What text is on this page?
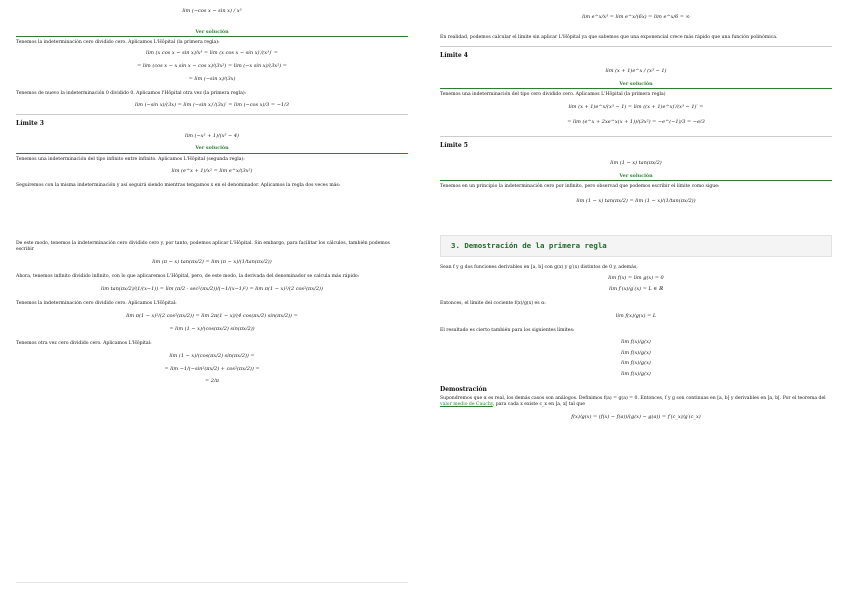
lim (−cos x − sin x) / x³
Ver solución
Tenemos la indeterminación cero dividido cero. Aplicamos L'Hôpital (la primera regla):
lim (x cos x − sin x)/x³ = lim (x cos x − sin x)′/(x³)′ =
= lim (cos x − x sin x − cos x)/(3x²) = lim (−x sin x)/(3x²) =
= lim (−sin x)/(3x)
Tenemos de nuevo la indeterminación 0 dividido 0. Aplicamos l'Hôpital otra vez (la primera regla):
lim (−sin x)/(3x) = lim (−sin x)′/(3x)′ = lim (−cos x)/3 = −1/3
Límite 3
lim (−x² + 1)/(x³ − 4)
Ver solución
Tenemos una indeterminación del tipo infinito entre infinito. Aplicamos L'Hôpital (segunda regla):
lim (e^x + 1)/x² = lim e^x/(3x²)
Seguiremos con la misma indeterminación y así seguirá siendo mientras tengamos x en el denominador. Aplicamos la regla dos veces más:
De este modo, tenemos la indeterminación cero dividido cero y, por tanto, podemos aplicar L'Hôpital. Sin embargo, para facilitar los cálculos, también podemos escribir
lim (π − x) tan(πx/2) = lim (π − x)/(1/tan(πx/2))
Ahora, tenemos infinito dividido infinito, con lo que aplicaremos L'Hôpital, pero, de este modo, la derivada del denominador se calcula más rápido:
lim tan(πx/2)/(1/(x−1)) = lim (π/2 · sec²(πx/2))/(−1/(x−1)²) = lim π(1 − x)²/(2 cos²(πx/2))
Tenemos la indeterminación cero dividido cero. Aplicamos L'Hôpital:
lim π(1 − x)²/(2 cos²(πx/2)) = lim 2π(1 − x)/(4 cos(πx/2) sin(πx/2)) =
= lim (1 − x)/(cos(πx/2) sin(πx/2))
Tenemos otra vez cero dividido cero. Aplicamos L'Hôpital:
lim (1 − x)/(cos(πx/2) sin(πx/2)) =
= lim −1/(−sin²(πx/2) + cos²(πx/2)) =
= 2/π
lim e^x/x³ = lim e^x/(6x) = lim e^x/6 = ∞
En realidad, podemos calcular el límite sin aplicar L'Hôpital ya que sabemos que una exponencial crece más rápido que una función polinómica.
Límite 4
lim (x + 1)e^x / (x³ − 1)
Ver solución
Tenemos una indeterminación del tipo cero dividido cero. Aplicamos L'Hôpital (la primera regla)
lim (x + 1)e^x/(x³ − 1) = lim ((x + 1)e^x)′/(x³ − 1)′ =
= lim (e^x + 2xe^x(x + 1))/(3x²) = −e^(−1)/3 = −e/3
Límite 5
lim (1 − x) tan(πx/2)
Ver solución
Tenemos en un principio la indeterminación cero por infinito, pero observad que podemos escribir el límite como sigue:
lim (1 − x) tan(πx/2) = lim (1 − x)/(1/tan(πx/2))
3. Demostración de la primera regla
Sean f y g dos funciones derivables en [a, b] con g(x) y g′(x) distintos de 0 y, además,
lim f(x) = lim g(x) = 0
lim f′(x)/g′(x) = L ∈ ℝ
Entonces, el límite del cociente f(x)/g(x) es α:
lim f(x)/g(x) = L
El resultado es cierto también para los siguientes límites:
lim f(x)/g(x)
lim f(x)/g(x)
lim f(x)/g(x)
lim f(x)/g(x)
Demostración
Supondremos que α es real, los demás casos son análogos. Definimos f(a) = g(a) = 0. Entonces, f y g son continuas en [a, b] y derivables en ]a, b[. Por el teorema del valor medio de Cauchy, para cada x existe c_x en ]a, x[ tal que
f(x)/g(x) = (f(x) − f(a))/(g(x) − g(a)) = f′(c_x)/g′(c_x)
